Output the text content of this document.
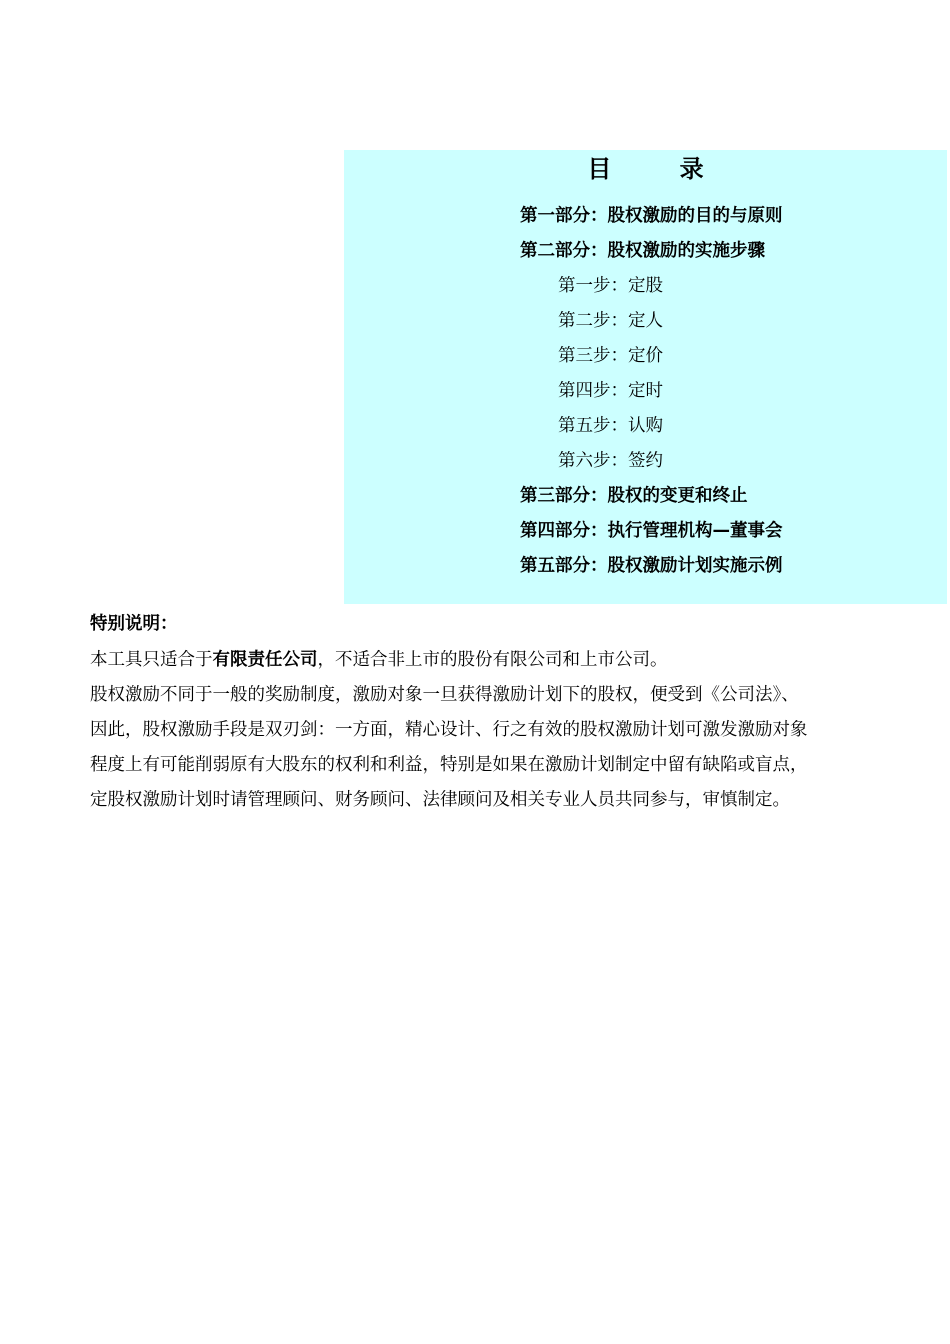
目 录
第一部分：股权激励的目的与原则
第二部分：股权激励的实施步骤
第一步：定股
第二步：定人
第三步：定价
第四步：定时
第五步：认购
第六步：签约
第三部分：股权的变更和终止
第四部分：执行管理机构—董事会
第五部分：股权激励计划实施示例
特别说明：
本工具只适合于有限责任公司，不适合非上市的股份有限公司和上市公司。
股权激励不同于一般的奖励制度，激励对象一旦获得激励计划下的股权，便受到《公司法》、
因此，股权激励手段是双刃剑：一方面，精心设计、行之有效的股权激励计划可激发激励对象
程度上有可能削弱原有大股东的权利和利益，特别是如果在激励计划制定中留有缺陷或盲点，
定股权激励计划时请管理顾问、财务顾问、法律顾问及相关专业人员共同参与，审慎制定。
